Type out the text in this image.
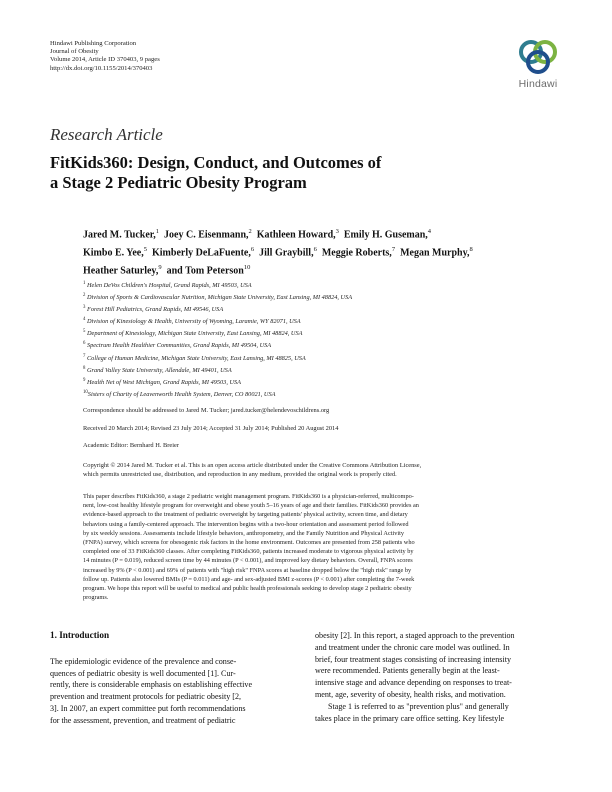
Hindawi Publishing Corporation
Journal of Obesity
Volume 2014, Article ID 370403, 9 pages
http://dx.doi.org/10.1155/2014/370403
Hindawi
Research Article
FitKids360: Design, Conduct, and Outcomes of
a Stage 2 Pediatric Obesity Program
Jared M. Tucker,$^1$ Joey C. Eisenmann,$^2$ Kathleen Howard,$^3$ Emily H. Guseman,$^4$
Kimbo E. Yee,$^5$ Kimberly DeLaFuente,$^6$ Jill Graybill,$^6$ Meggie Roberts,$^7$ Megan Murphy,$^8$
Heather Saturley,$^9$ and Tom Peterson$^{10}$
$^1$ Helen DeVos Children's Hospital, Grand Rapids, MI 49503, USA
$^2$ Division of Sports & Cardiovascular Nutrition, Michigan State University, East Lansing, MI 48824, USA
$^3$ Forest Hill Pediatrics, Grand Rapids, MI 49546, USA
$^4$ Division of Kinesiology & Health, University of Wyoming, Laramie, WY 82071, USA
$^5$ Department of Kinesiology, Michigan State University, East Lansing, MI 48824, USA
$^6$ Spectrum Health Healthier Communities, Grand Rapids, MI 49504, USA
$^7$ College of Human Medicine, Michigan State University, East Lansing, MI 48825, USA
$^8$ Grand Valley State University, Allendale, MI 49401, USA
$^9$ Health Net of West Michigan, Grand Rapids, MI 49503, USA
$^{10}$Sisters of Charity of Leavenworth Health System, Denver, CO 80021, USA
Correspondence should be addressed to Jared M. Tucker; jared.tucker@helendevoschildrens.org
Received 20 March 2014; Revised 23 July 2014; Accepted 31 July 2014; Published 20 August 2014
Academic Editor: Bernhard H. Breier
Copyright © 2014 Jared M. Tucker et al. This is an open access article distributed under the Creative Commons Attribution License,
which permits unrestricted use, distribution, and reproduction in any medium, provided the original work is properly cited.
This paper describes FitKids360, a stage 2 pediatric weight management program. FitKids360 is a physician-referred, multicompo-
nent, low-cost healthy lifestyle program for overweight and obese youth 5–16 years of age and their families. FitKids360 provides an
evidence-based approach to the treatment of pediatric overweight by targeting patients' physical activity, screen time, and dietary
behaviors using a family-centered approach. The intervention begins with a two-hour orientation and assessment period followed
by six weekly sessions. Assessments include lifestyle behaviors, anthropometry, and the Family Nutrition and Physical Activity
(FNPA) survey, which screens for obesogenic risk factors in the home environment. Outcomes are presented from 258 patients who
completed one of 33 FitKids360 classes. After completing FitKids360, patients increased moderate to vigorous physical activity by
14 minutes (P = 0.019), reduced screen time by 44 minutes (P < 0.001), and improved key dietary behaviors. Overall, FNPA scores
increased by 9% (P < 0.001) and 69% of patients with "high risk" FNPA scores at baseline dropped below the "high risk" range by
follow up. Patients also lowered BMIs (P = 0.011) and age- and sex-adjusted BMI z-scores (P < 0.001) after completing the 7-week
program. We hope this report will be useful to medical and public health professionals seeking to develop stage 2 pediatric obesity
programs.
1. Introduction
The epidemiologic evidence of the prevalence and conse-
quences of pediatric obesity is well documented [1]. Cur-
rently, there is considerable emphasis on establishing effective
prevention and treatment protocols for pediatric obesity [2,
3]. In 2007, an expert committee put forth recommendations
for the assessment, prevention, and treatment of pediatric
obesity [2]. In this report, a staged approach to the prevention
and treatment under the chronic care model was outlined. In
brief, four treatment stages consisting of increasing intensity
were recommended. Patients generally begin at the least-
intensive stage and advance depending on responses to treat-
ment, age, severity of obesity, health risks, and motivation.
Stage 1 is referred to as "prevention plus" and generally
takes place in the primary care office setting. Key lifestyle
